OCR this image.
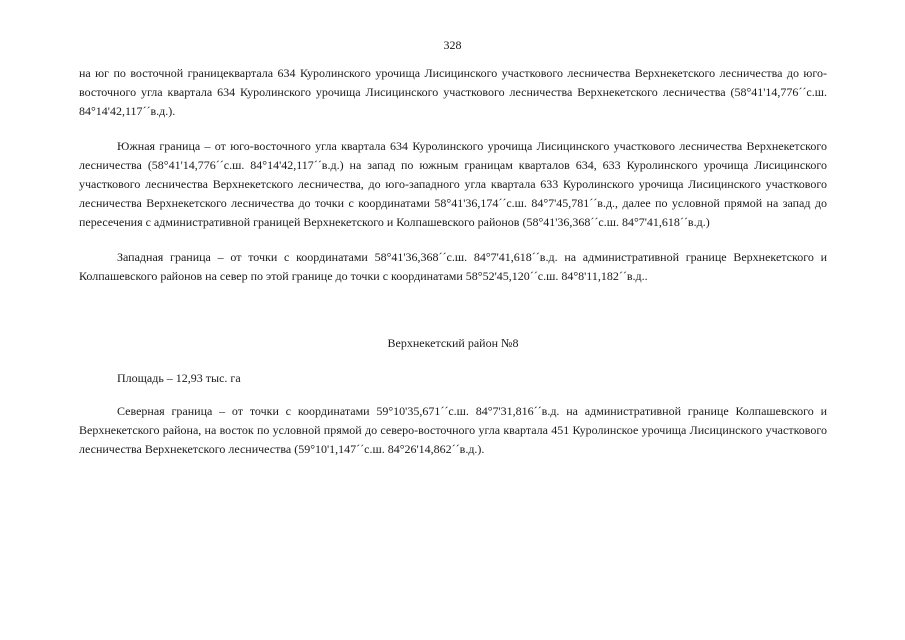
328

на юг по восточной границеквартала 634 Куролинского урочища Лисицинского участкового лесничества Верхнекетского лесничества до юго-восточного угла квартала 634 Куролинского урочища Лисицинского участкового лесничества Верхнекетского лесничества (58°41'14,776´´с.ш. 84°14'42,117´´в.д.).

Южная граница – от юго-восточного угла квартала 634 Куролинского урочища Лисицинского участкового лесничества Верхнекетского лесничества (58°41'14,776´´с.ш. 84°14'42,117´´в.д.) на запад по южным границам кварталов 634, 633 Куролинского урочища Лисицинского участкового лесничества Верхнекетского лесничества, до юго-западного угла квартала 633 Куролинского урочища Лисицинского участкового лесничества Верхнекетского лесничества до точки с координатами 58°41'36,174´´с.ш. 84°7'45,781´´в.д., далее по условной прямой на запад до пересечения с административной границей Верхнекетского и Колпашевского районов (58°41'36,368´´с.ш. 84°7'41,618´´в.д.)

Западная граница – от точки с координатами 58°41'36,368´´с.ш. 84°7'41,618´´в.д. на административной границе Верхнекетского и Колпашевского районов на север по этой границе до точки с координатами 58°52'45,120´´с.ш. 84°8'11,182´´в.д..

Верхнекетский район №8

Площадь – 12,93 тыс. га

Северная граница – от точки с координатами 59°10'35,671´´с.ш. 84°7'31,816´´в.д. на административной границе Колпашевского и Верхнекетского района, на восток по условной прямой до северо-восточного угла квартала 451 Куролинское урочища Лисицинского участкового лесничества Верхнекетского лесничества (59°10'1,147´´с.ш. 84°26'14,862´´в.д.).
